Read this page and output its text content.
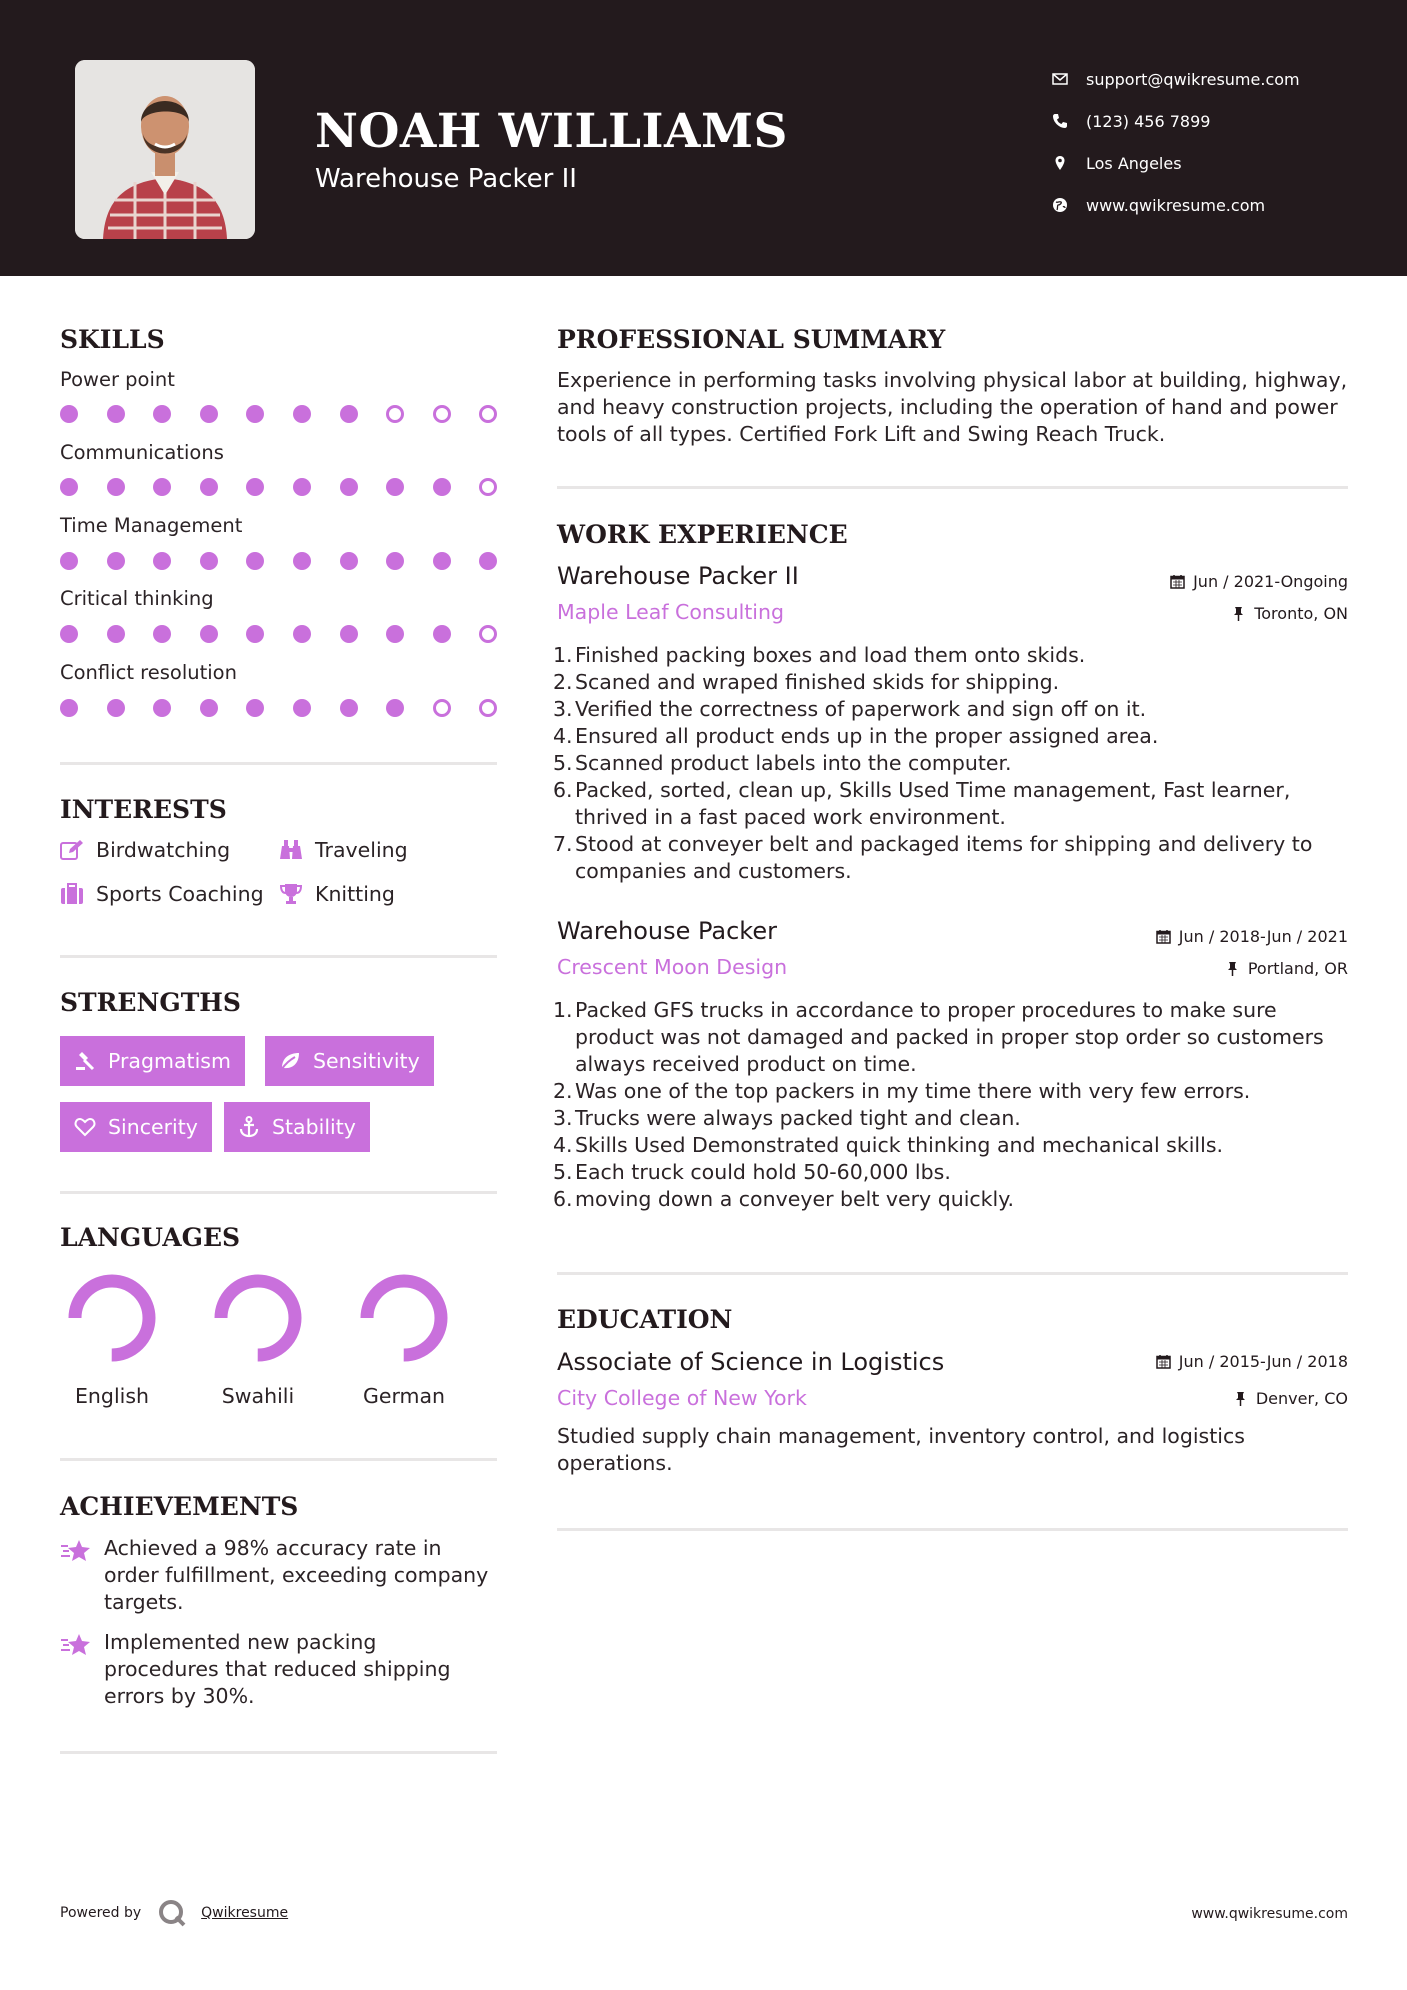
NOAH WILLIAMS
Warehouse Packer II
support@qwikresume.com
(123) 456 7899
Los Angeles
www.qwikresume.com
SKILLS
Power point
Communications
Time Management
Critical thinking
Conflict resolution
INTERESTS
Birdwatching	Traveling
Sports Coaching	Knitting
STRENGTHS
Pragmatism	Sensitivity
Sincerity	Stability
LANGUAGES
English	Swahili	German
ACHIEVEMENTS

Achieved a 98% accuracy rate in order fulfillment, exceeding company targets.

Implemented new packing procedures that reduced shipping errors by 30%.

PROFESSIONAL SUMMARY
Experience in performing tasks involving physical labor at building, highway, and heavy construction projects, including the operation of hand and power tools of all types. Certified Fork Lift and Swing Reach Truck.
WORK EXPERIENCE
Warehouse Packer II	Jun / 2021-Ongoing
Maple Leaf Consulting	Toronto, ON
1. Finished packing boxes and load them onto skids.
2. Scaned and wraped finished skids for shipping.
3. Verified the correctness of paperwork and sign off on it.
4. Ensured all product ends up in the proper assigned area.
5. Scanned product labels into the computer.
6. Packed, sorted, clean up, Skills Used Time management, Fast learner, thrived in a fast paced work environment.
7. Stood at conveyer belt and packaged items for shipping and delivery to companies and customers.
Warehouse Packer	Jun / 2018-Jun / 2021
Crescent Moon Design	Portland, OR
1. Packed GFS trucks in accordance to proper procedures to make sure product was not damaged and packed in proper stop order so customers always received product on time.
2. Was one of the top packers in my time there with very few errors.
3. Trucks were always packed tight and clean.
4. Skills Used Demonstrated quick thinking and mechanical skills.
5. Each truck could hold 50-60,000 lbs.
6. moving down a conveyer belt very quickly.
EDUCATION
Associate of Science in Logistics	Jun / 2015-Jun / 2018
City College of New York	Denver, CO
Studied supply chain management, inventory control, and logistics operations.
Powered by	Qwikresume	www.qwikresume.com
